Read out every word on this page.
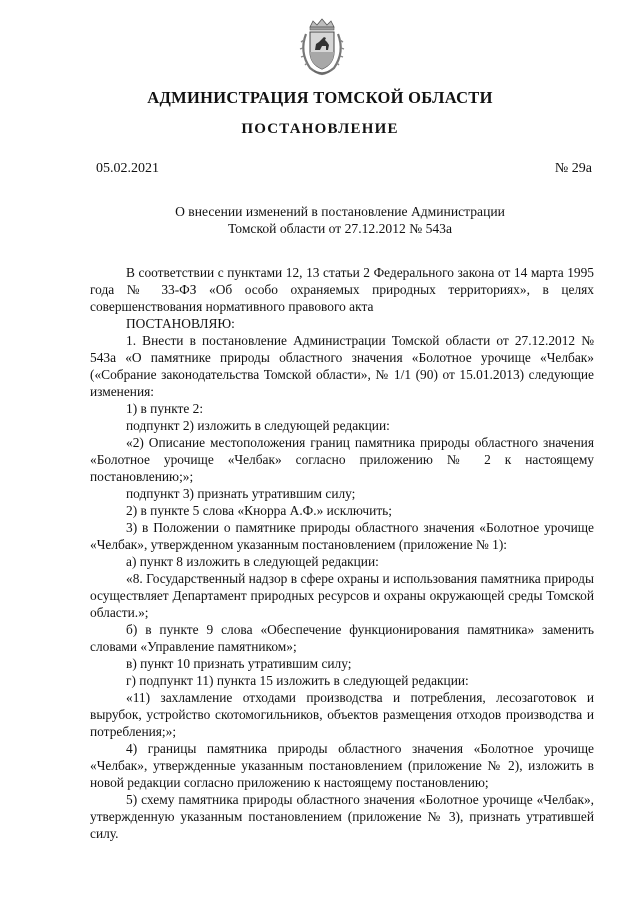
АДМИНИСТРАЦИЯ ТОМСКОЙ ОБЛАСТИ
ПОСТАНОВЛЕНИЕ
05.02.2021	№ 29а
О внесении изменений в постановление Администрации
Томской области от 27.12.2012 № 543а

В соответствии с пунктами 12, 13 статьи 2 Федерального закона от 14 марта 1995 года № 33-ФЗ «Об особо охраняемых природных территориях», в целях совершенствования нормативного правового акта

ПОСТАНОВЛЯЮ:

1. Внести в постановление Администрации Томской области от 27.12.2012 № 543а «О памятнике природы областного значения «Болотное урочище «Челбак» («Собрание законодательства Томской области», № 1/1 (90) от 15.01.2013) следующие изменения:

1) в пункте 2:

подпункт 2) изложить в следующей редакции:

«2) Описание местоположения границ памятника природы областного значения «Болотное урочище «Челбак» согласно приложению № 2 к настоящему постановлению;»;

подпункт 3) признать утратившим силу;

2) в пункте 5 слова «Кнорра А.Ф.» исключить;

3) в Положении о памятнике природы областного значения «Болотное урочище «Челбак», утвержденном указанным постановлением (приложение № 1):

а) пункт 8 изложить в следующей редакции:

«8. Государственный надзор в сфере охраны и использования памятника природы осуществляет Департамент природных ресурсов и охраны окружающей среды Томской области.»;

б) в пункте 9 слова «Обеспечение функционирования памятника» заменить словами «Управление памятником»;

в) пункт 10 признать утратившим силу;

г) подпункт 11) пункта 15 изложить в следующей редакции:

«11) захламление отходами производства и потребления, лесозаготовок и вырубок, устройство скотомогильников, объектов размещения отходов производства и потребления;»;

4) границы памятника природы областного значения «Болотное урочище «Челбак», утвержденные указанным постановлением (приложение № 2), изложить в новой редакции согласно приложению к настоящему постановлению;

5) схему памятника природы областного значения «Болотное урочище «Челбак», утвержденную указанным постановлением (приложение № 3), признать утратившей силу.
